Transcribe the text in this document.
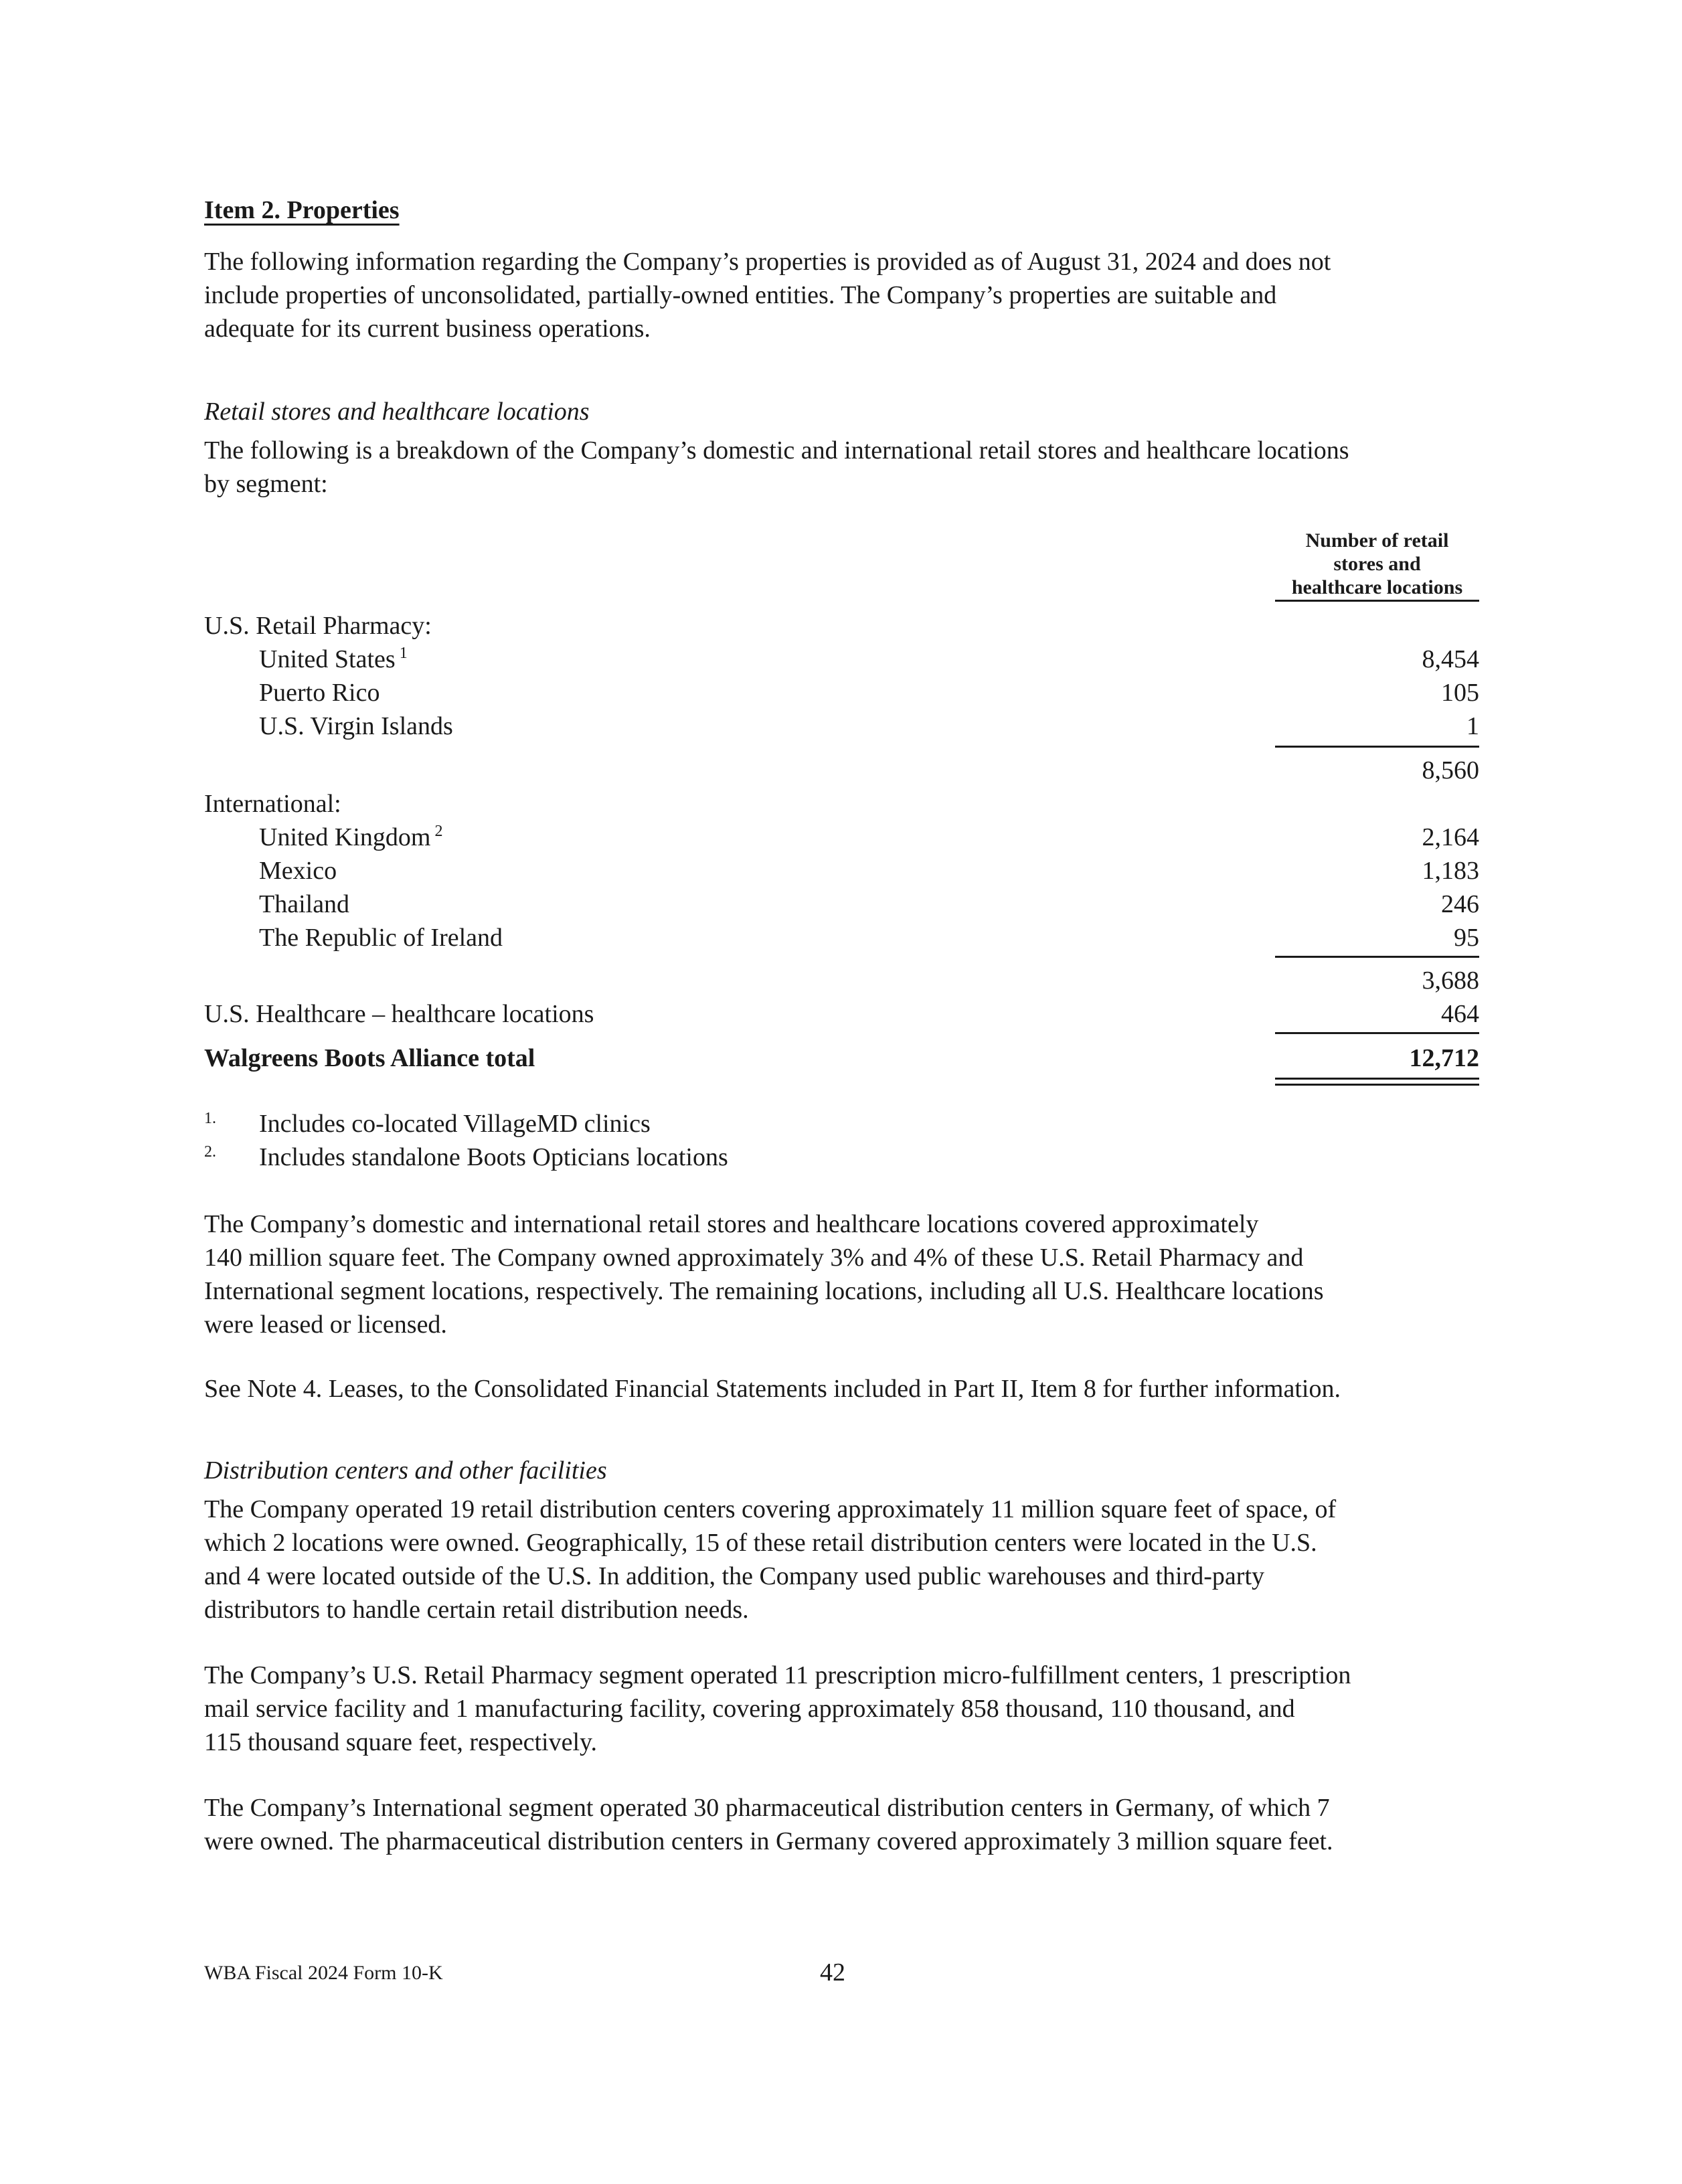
Item 2. Properties
The following information regarding the Company’s properties is provided as of August 31, 2024 and does not
include properties of unconsolidated, partially-owned entities. The Company’s properties are suitable and
adequate for its current business operations.
Retail stores and healthcare locations
The following is a breakdown of the Company’s domestic and international retail stores and healthcare locations
by segment:
Number of retail
stores and
healthcare locations
U.S. Retail Pharmacy:
United States $^1$	8,454
Puerto Rico	105
U.S. Virgin Islands	1
8,560
International:
United Kingdom $^2$	2,164
Mexico	1,183
Thailand	246
The Republic of Ireland	95
3,688
U.S. Healthcare – healthcare locations	464
Walgreens Boots Alliance total	12,712
1. Includes co-located VillageMD clinics
2. Includes standalone Boots Opticians locations
The Company’s domestic and international retail stores and healthcare locations covered approximately
140 million square feet. The Company owned approximately 3% and 4% of these U.S. Retail Pharmacy and
International segment locations, respectively. The remaining locations, including all U.S. Healthcare locations
were leased or licensed.
See Note 4. Leases, to the Consolidated Financial Statements included in Part II, Item 8 for further information.
Distribution centers and other facilities
The Company operated 19 retail distribution centers covering approximately 11 million square feet of space, of
which 2 locations were owned. Geographically, 15 of these retail distribution centers were located in the U.S.
and 4 were located outside of the U.S. In addition, the Company used public warehouses and third-party
distributors to handle certain retail distribution needs.
The Company’s U.S. Retail Pharmacy segment operated 11 prescription micro-fulfillment centers, 1 prescription
mail service facility and 1 manufacturing facility, covering approximately 858 thousand, 110 thousand, and
115 thousand square feet, respectively.
The Company’s International segment operated 30 pharmaceutical distribution centers in Germany, of which 7
were owned. The pharmaceutical distribution centers in Germany covered approximately 3 million square feet.
WBA Fiscal 2024 Form 10-K	42
